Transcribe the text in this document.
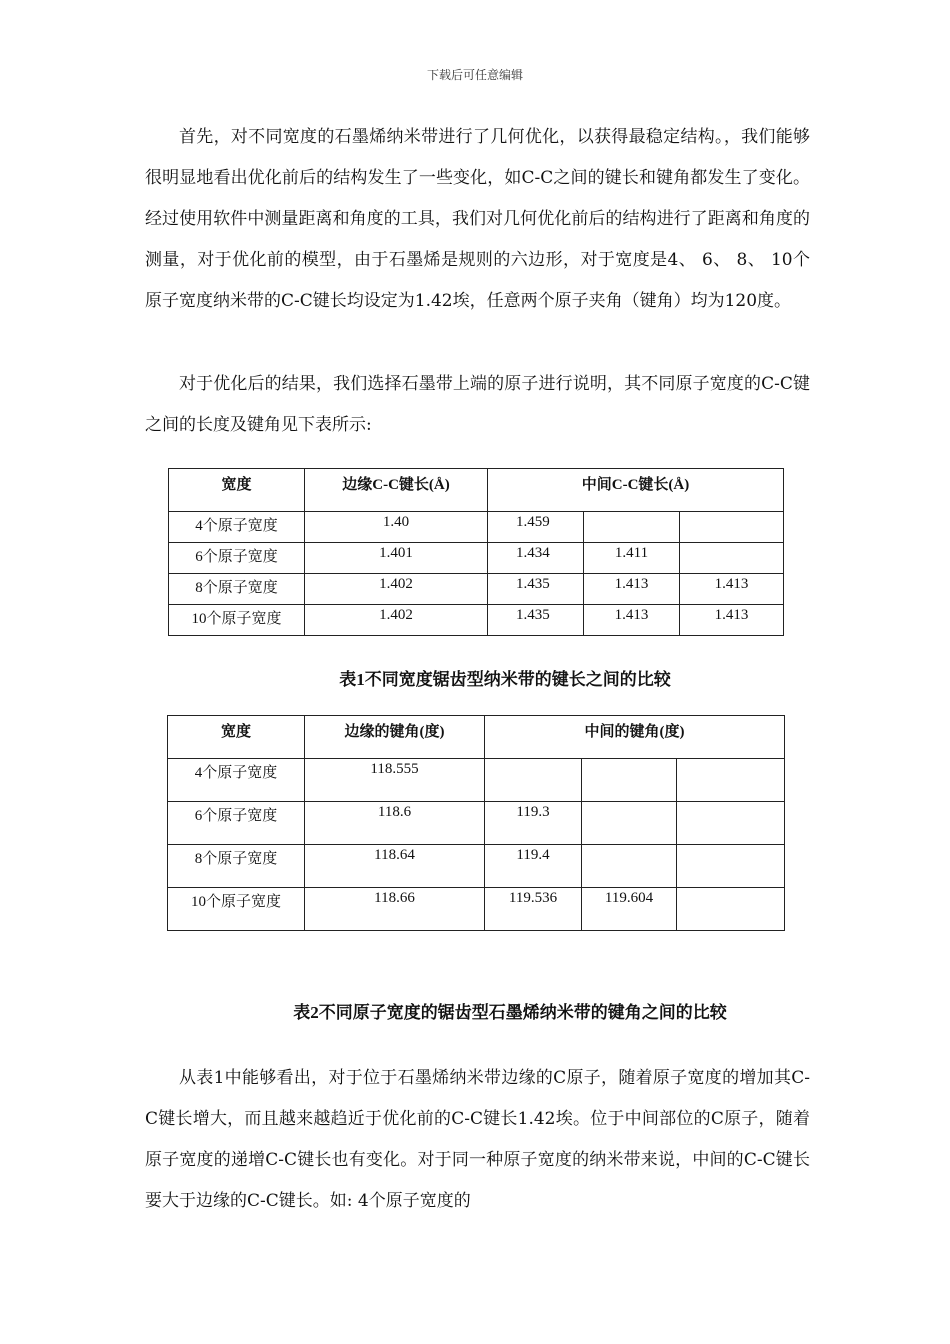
下载后可任意编辑

首先，对不同宽度的石墨烯纳米带进行了几何优化，以获得最稳定结构。，我们能够很明显地看出优化前后的结构发生了一些变化，如C-C之间的键长和键角都发生了变化。经过使用软件中测量距离和角度的工具，我们对几何优化前后的结构进行了距离和角度的测量，对于优化前的模型，由于石墨烯是规则的六边形，对于宽度是4、 6、 8、 10个原子宽度纳米带的C-C键长均设定为1.42埃，任意两个原子夹角（键角）均为120度。

对于优化后的结果，我们选择石墨带上端的原子进行说明，其不同原子宽度的C-C键之间的长度及键角见下表所示:

宽度	边缘C-C键长(Å)	中间C-C键长(Å)		
4个原子宽度	1.40	1.459		
6个原子宽度	1.401	1.434	1.411	
8个原子宽度	1.402	1.435	1.413	1.413
10个原子宽度	1.402	1.435	1.413	1.413
表1不同宽度锯齿型纳米带的键长之间的比较
宽度	边缘的键角(度)	中间的键角(度)		
4个原子宽度	118.555			
6个原子宽度	118.6	119.3		
8个原子宽度	118.64	119.4		
10个原子宽度	118.66	119.536	119.604	
表2不同原子宽度的锯齿型石墨烯纳米带的键角之间的比较

从表1中能够看出，对于位于石墨烯纳米带边缘的C原子，随着原子宽度的增加其C-C键长增大，而且越来越趋近于优化前的C-C键长1.42埃。位于中间部位的C原子，随着原子宽度的递增C-C键长也有变化。对于同一种原子宽度的纳米带来说，中间的C-C键长要大于边缘的C-C键长。如: 4个原子宽度的
